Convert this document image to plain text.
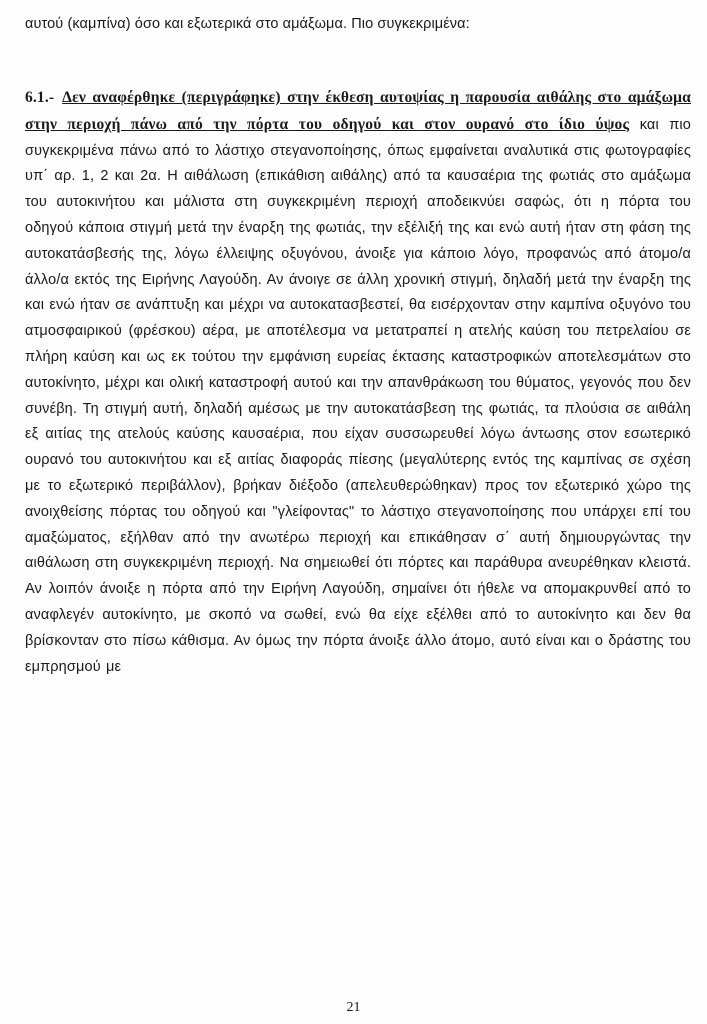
αυτού (καμπίνα) όσο και εξωτερικά στο αμάξωμα. Πιο συγκεκριμένα:
6.1.- Δεν αναφέρθηκε (περιγράφηκε) στην έκθεση αυτοψίας η παρουσία αιθάλης στο αμάξωμα στην περιοχή πάνω από την πόρτα του οδηγού και στον ουρανό στο ίδιο ύψος και πιο συγκεκριμένα πάνω από το λάστιχο στεγανοποίησης, όπως εμφαίνεται αναλυτικά στις φωτογραφίες υπ΄ αρ. 1, 2 και 2α. Η αιθάλωση (επικάθιση αιθάλης) από τα καυσαέρια της φωτιάς στο αμάξωμα του αυτοκινήτου και μάλιστα στη συγκεκριμένη περιοχή αποδεικνύει σαφώς, ότι η πόρτα του οδηγού κάποια στιγμή μετά την έναρξη της φωτιάς, την εξέλιξή της και ενώ αυτή ήταν στη φάση της αυτοκατάσβεσής της, λόγω έλλειψης οξυγόνου, άνοιξε για κάποιο λόγο, προφανώς από άτομο/α άλλο/α εκτός της Ειρήνης Λαγούδη. Αν άνοιγε σε άλλη χρονική στιγμή, δηλαδή μετά την έναρξη της και ενώ ήταν σε ανάπτυξη και μέχρι να αυτοκατασβεστεί, θα εισέρχονταν στην καμπίνα οξυγόνο του ατμοσφαιρικού (φρέσκου) αέρα, με αποτέλεσμα να μετατραπεί η ατελής καύση του πετρελαίου σε πλήρη καύση και ως εκ τούτου την εμφάνιση ευρείας έκτασης καταστροφικών αποτελεσμάτων στο αυτοκίνητο, μέχρι και ολική καταστροφή αυτού και την απανθράκωση του θύματος, γεγονός που δεν συνέβη. Τη στιγμή αυτή, δηλαδή αμέσως με την αυτοκατάσβεση της φωτιάς, τα πλούσια σε αιθάλη εξ αιτίας της ατελούς καύσης καυσαέρια, που είχαν συσσωρευθεί λόγω άντωσης στον εσωτερικό ουρανό του αυτοκινήτου και εξ αιτίας διαφοράς πίεσης (μεγαλύτερης εντός της καμπίνας σε σχέση με το εξωτερικό περιβάλλον), βρήκαν διέξοδο (απελευθερώθηκαν) προς τον εξωτερικό χώρο της ανοιχθείσης πόρτας του οδηγού και "γλείφοντας" το λάστιχο στεγανοποίησης που υπάρχει επί του αμαξώματος, εξήλθαν από την ανωτέρω περιοχή και επικάθησαν σ΄ αυτή δημιουργώντας την αιθάλωση στη συγκεκριμένη περιοχή. Να σημειωθεί ότι πόρτες και παράθυρα ανευρέθηκαν κλειστά. Αν λοιπόν άνοιξε η πόρτα από την Ειρήνη Λαγούδη, σημαίνει ότι ήθελε να απομακρυνθεί από το αναφλεγέν αυτοκίνητο, με σκοπό να σωθεί, ενώ θα είχε εξέλθει από το αυτοκίνητο και δεν θα βρίσκονταν στο πίσω κάθισμα. Αν όμως την πόρτα άνοιξε άλλο άτομο, αυτό είναι και ο δράστης του εμπρησμού με
21
